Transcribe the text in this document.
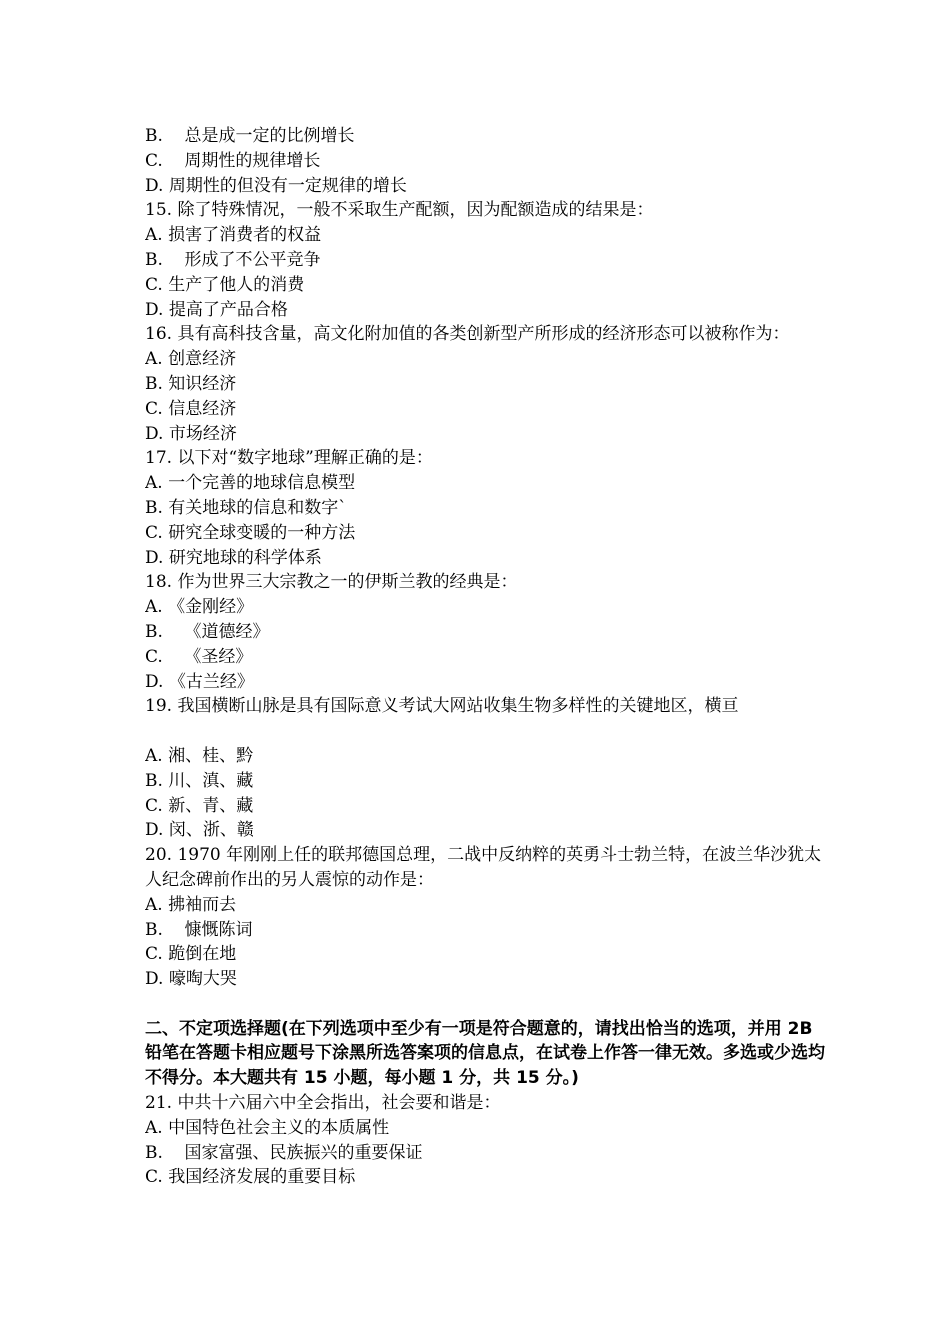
B.    总是成一定的比例增长
C.    周期性的规律增长
D. 周期性的但没有一定规律的增长
15. 除了特殊情况，一般不采取生产配额，因为配额造成的结果是：
A. 损害了消费者的权益
B.    形成了不公平竞争
C. 生产了他人的消费
D. 提高了产品合格
16. 具有高科技含量，高文化附加值的各类创新型产所形成的经济形态可以被称作为：
A. 创意经济
B. 知识经济
C. 信息经济
D. 市场经济
17. 以下对“数字地球”理解正确的是：
A. 一个完善的地球信息模型
B. 有关地球的信息和数字`
C. 研究全球变暖的一种方法
D. 研究地球的科学体系
18. 作为世界三大宗教之一的伊斯兰教的经典是：
A. 《金刚经》
B.    《道德经》
C.    《圣经》
D. 《古兰经》
19. 我国横断山脉是具有国际意义考试大网站收集生物多样性的关键地区，横亘
A. 湘、桂、黔
B. 川、滇、藏
C. 新、青、藏
D. 闵、浙、赣
20. 1970 年刚刚上任的联邦德国总理，二战中反纳粹的英勇斗士勃兰特，在波兰华沙犹太人纪念碑前作出的另人震惊的动作是：
A. 拂袖而去
B.    慷慨陈词
C. 跪倒在地
D. 嚎啕大哭
二、不定项选择题(在下列选项中至少有一项是符合题意的，请找出恰当的选项，并用 2B 铅笔在答题卡相应题号下涂黑所选答案项的信息点，在试卷上作答一律无效。多选或少选均不得分。本大题共有 15 小题，每小题 1 分，共 15 分。)
21. 中共十六届六中全会指出，社会要和谐是：
A. 中国特色社会主义的本质属性
B.    国家富强、民族振兴的重要保证
C. 我国经济发展的重要目标
